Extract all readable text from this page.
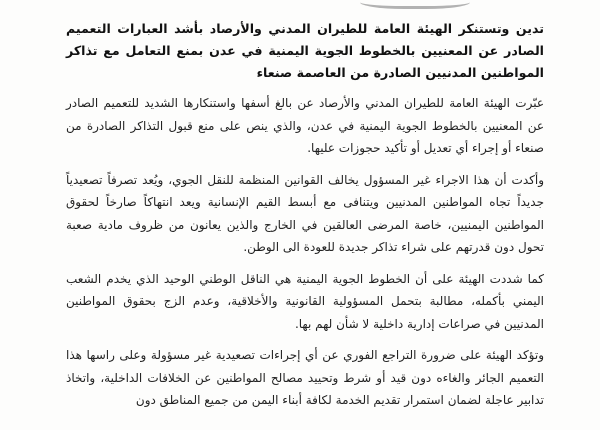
تدين وتستنكر الهيئة العامة للطيران المدني والأرصاد بأشد العبارات التعميم الصادر عن المعنيين بالخطوط الجوية اليمنية في عدن بمنع التعامل مع تذاكر المواطنين المدنيين الصادرة من العاصمة صنعاء

عبّرت الهيئة العامة للطيران المدني والأرصاد عن بالغ أسفها واستنكارها الشديد للتعميم الصادر عن المعنيين بالخطوط الجوية اليمنية في عدن، والذي ينص على منع قبول التذاكر الصادرة من صنعاء أو إجراء أي تعديل أو تأكيد حجوزات عليها.

وأكدت أن هذا الاجراء غير المسؤول يخالف القوانين المنظمة للنقل الجوي، ويُعد تصرفاً تصعيدياً جديداً تجاه المواطنين المدنيين ويتنافى مع أبسط القيم الإنسانية ويعد انتهاكاً صارخاً لحقوق المواطنين اليمنيين، خاصة المرضى العالقين في الخارج والذين يعانون من ظروف مادية صعبة تحول دون قدرتهم على شراء تذاكر جديدة للعودة الى الوطن.

كما شددت الهيئة على أن الخطوط الجوية اليمنية هي الناقل الوطني الوحيد الذي يخدم الشعب اليمني بأكمله، مطالبة بتحمل المسؤولية القانونية والأخلاقية، وعدم الزج بحقوق المواطنين المدنيين في صراعات إدارية داخلية لا شأن لهم بها.

وتؤكد الهيئة على ضرورة التراجع الفوري عن أي إجراءات تصعيدية غير مسؤولة وعلى راسها هذا التعميم الجائر والغاءه دون قيد أو شرط وتحييد مصالح المواطنين عن الخلافات الداخلية، واتخاذ تدابير عاجلة لضمان استمرار تقديم الخدمة لكافة أبناء اليمن من جميع المناطق دون
